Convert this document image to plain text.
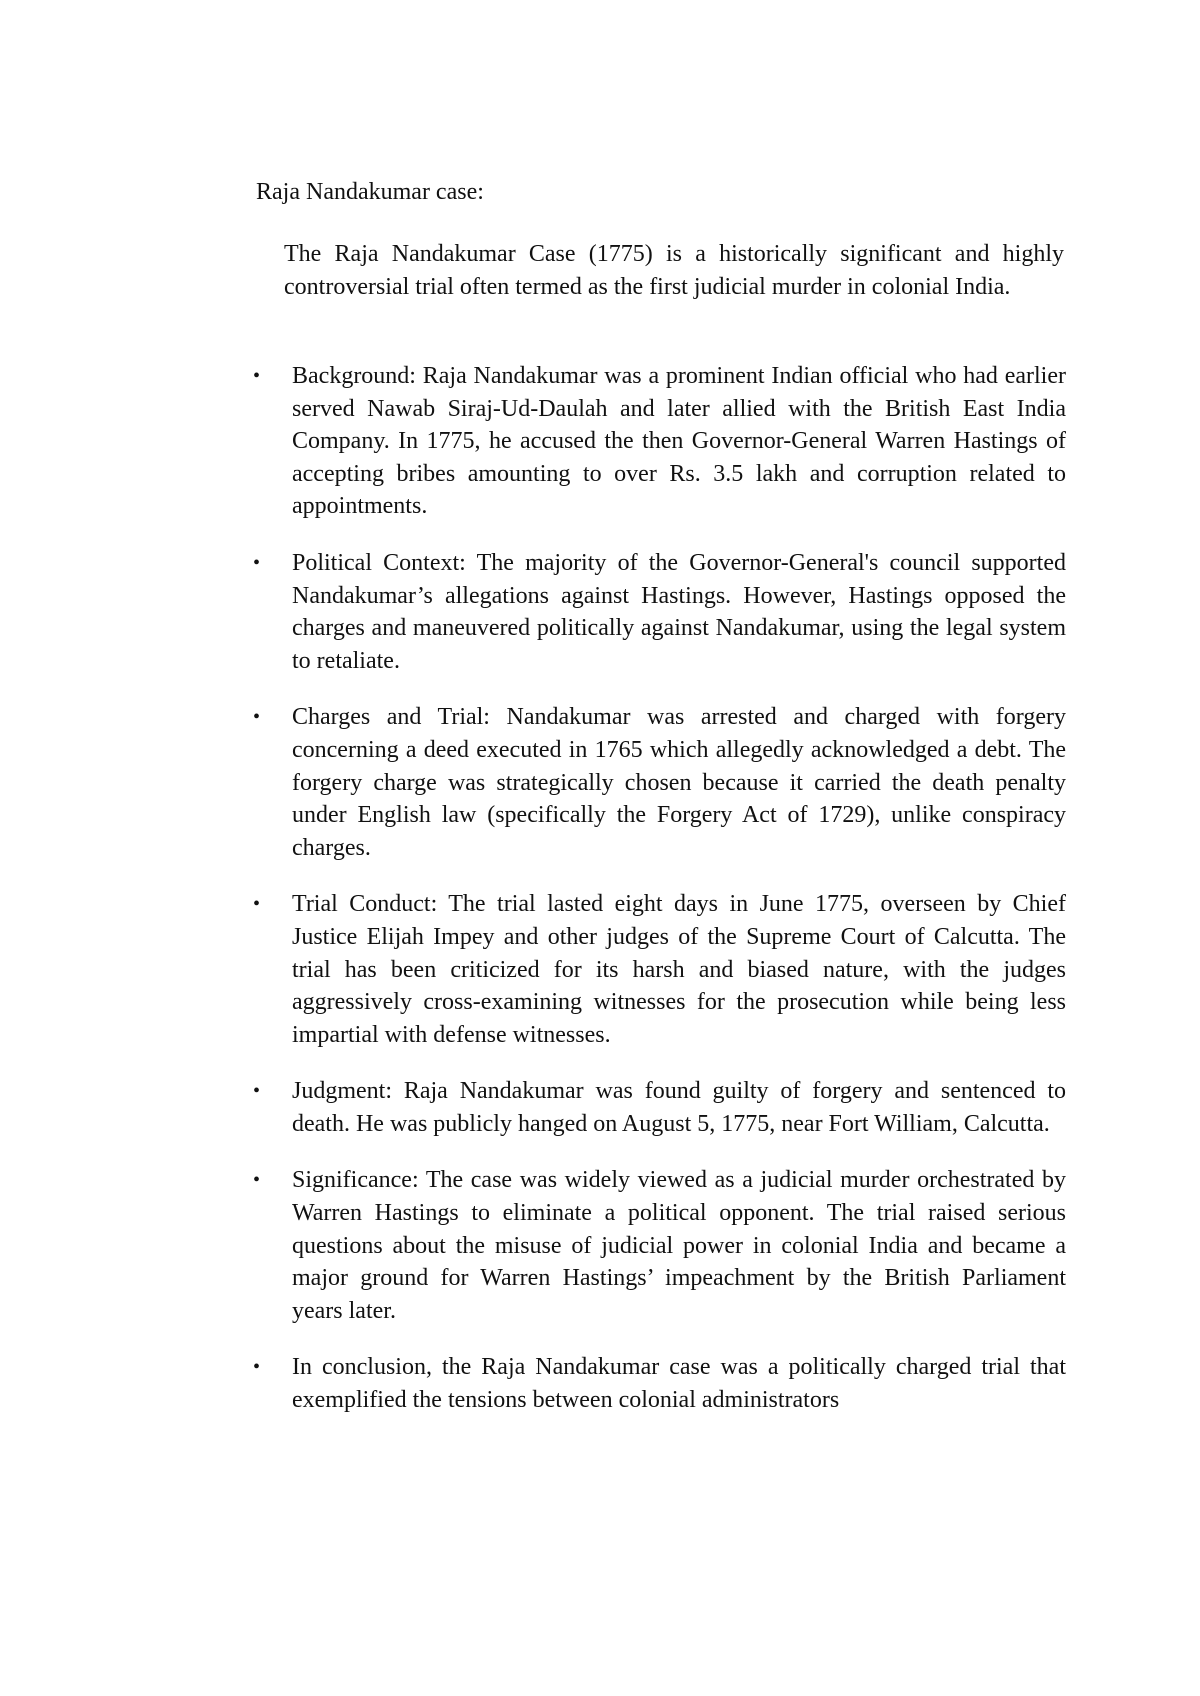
Raja Nandakumar case:

The Raja Nandakumar Case (1775) is a historically significant and highly controversial trial often termed as the first judicial murder in colonial India.

• Background: Raja Nandakumar was a prominent Indian official who had earlier served Nawab Siraj-Ud-Daulah and later allied with the British East India Company. In 1775, he accused the then Governor-General Warren Hastings of accepting bribes amounting to over Rs. 3.5 lakh and corruption related to appointments.
• Political Context: The majority of the Governor-General's council supported Nandakumar’s allegations against Hastings. However, Hastings opposed the charges and maneuvered politically against Nandakumar, using the legal system to retaliate.
• Charges and Trial: Nandakumar was arrested and charged with forgery concerning a deed executed in 1765 which allegedly acknowledged a debt. The forgery charge was strategically chosen because it carried the death penalty under English law (specifically the Forgery Act of 1729), unlike conspiracy charges.
• Trial Conduct: The trial lasted eight days in June 1775, overseen by Chief Justice Elijah Impey and other judges of the Supreme Court of Calcutta. The trial has been criticized for its harsh and biased nature, with the judges aggressively cross-examining witnesses for the prosecution while being less impartial with defense witnesses.
• Judgment: Raja Nandakumar was found guilty of forgery and sentenced to death. He was publicly hanged on August 5, 1775, near Fort William, Calcutta.
• Significance: The case was widely viewed as a judicial murder orchestrated by Warren Hastings to eliminate a political opponent. The trial raised serious questions about the misuse of judicial power in colonial India and became a major ground for Warren Hastings’ impeachment by the British Parliament years later.
• In conclusion, the Raja Nandakumar case was a politically charged trial that exemplified the tensions between colonial administrators
